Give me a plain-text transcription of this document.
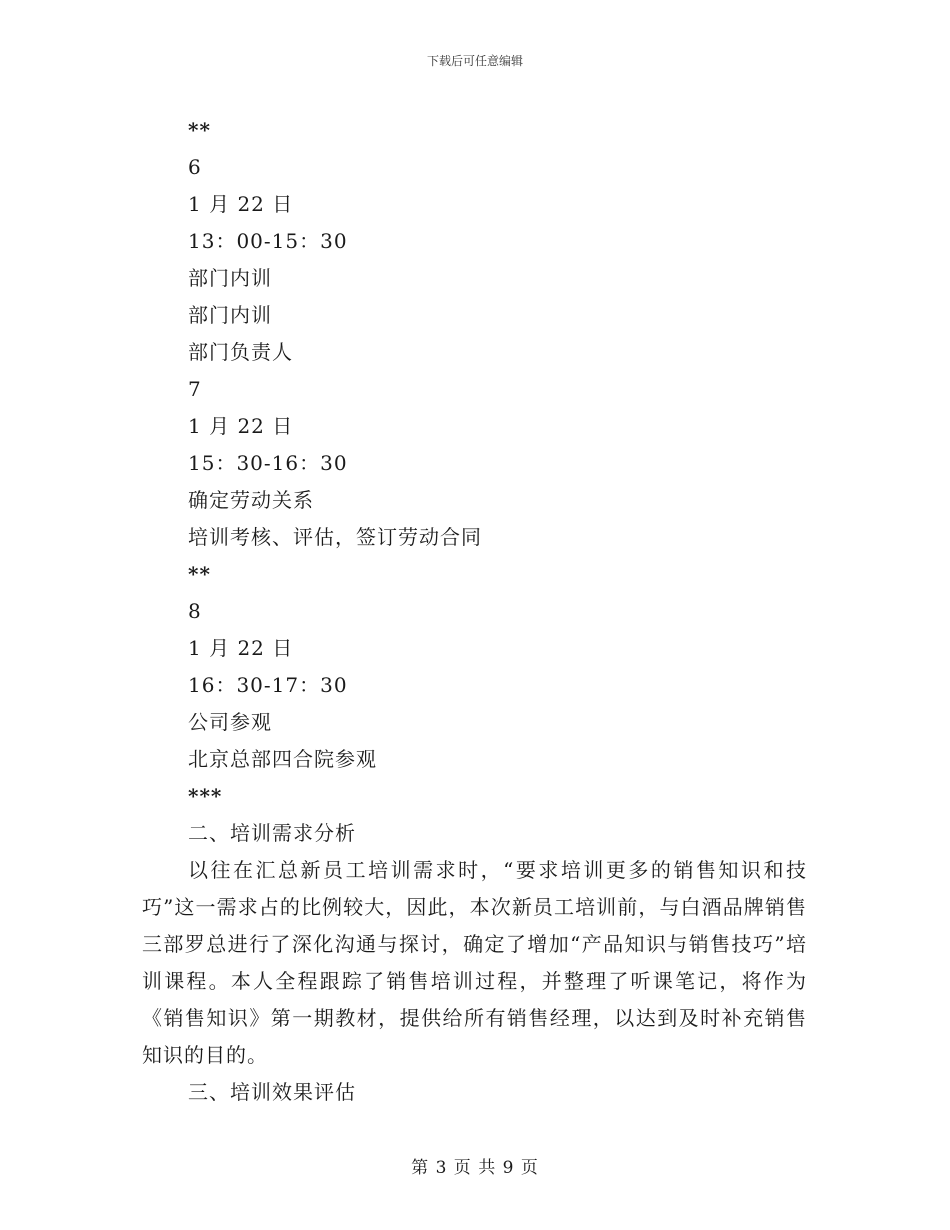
下载后可任意编辑
**
6
1 月 22 日
13：00-15：30
部门内训
部门内训
部门负责人
7
1 月 22 日
15：30-16：30
确定劳动关系
培训考核、评估，签订劳动合同
**
8
1 月 22 日
16：30-17：30
公司参观
北京总部四合院参观
***
二、培训需求分析

以往在汇总新员工培训需求时，“要求培训更多的销售知识和技巧”这一需求占的比例较大，因此，本次新员工培训前，与白酒品牌销售三部罗总进行了深化沟通与探讨，确定了增加“产品知识与销售技巧”培训课程。本人全程跟踪了销售培训过程，并整理了听课笔记，将作为《销售知识》第一期教材，提供给所有销售经理，以达到及时补充销售知识的目的。

三、培训效果评估
第 3 页 共 9 页
